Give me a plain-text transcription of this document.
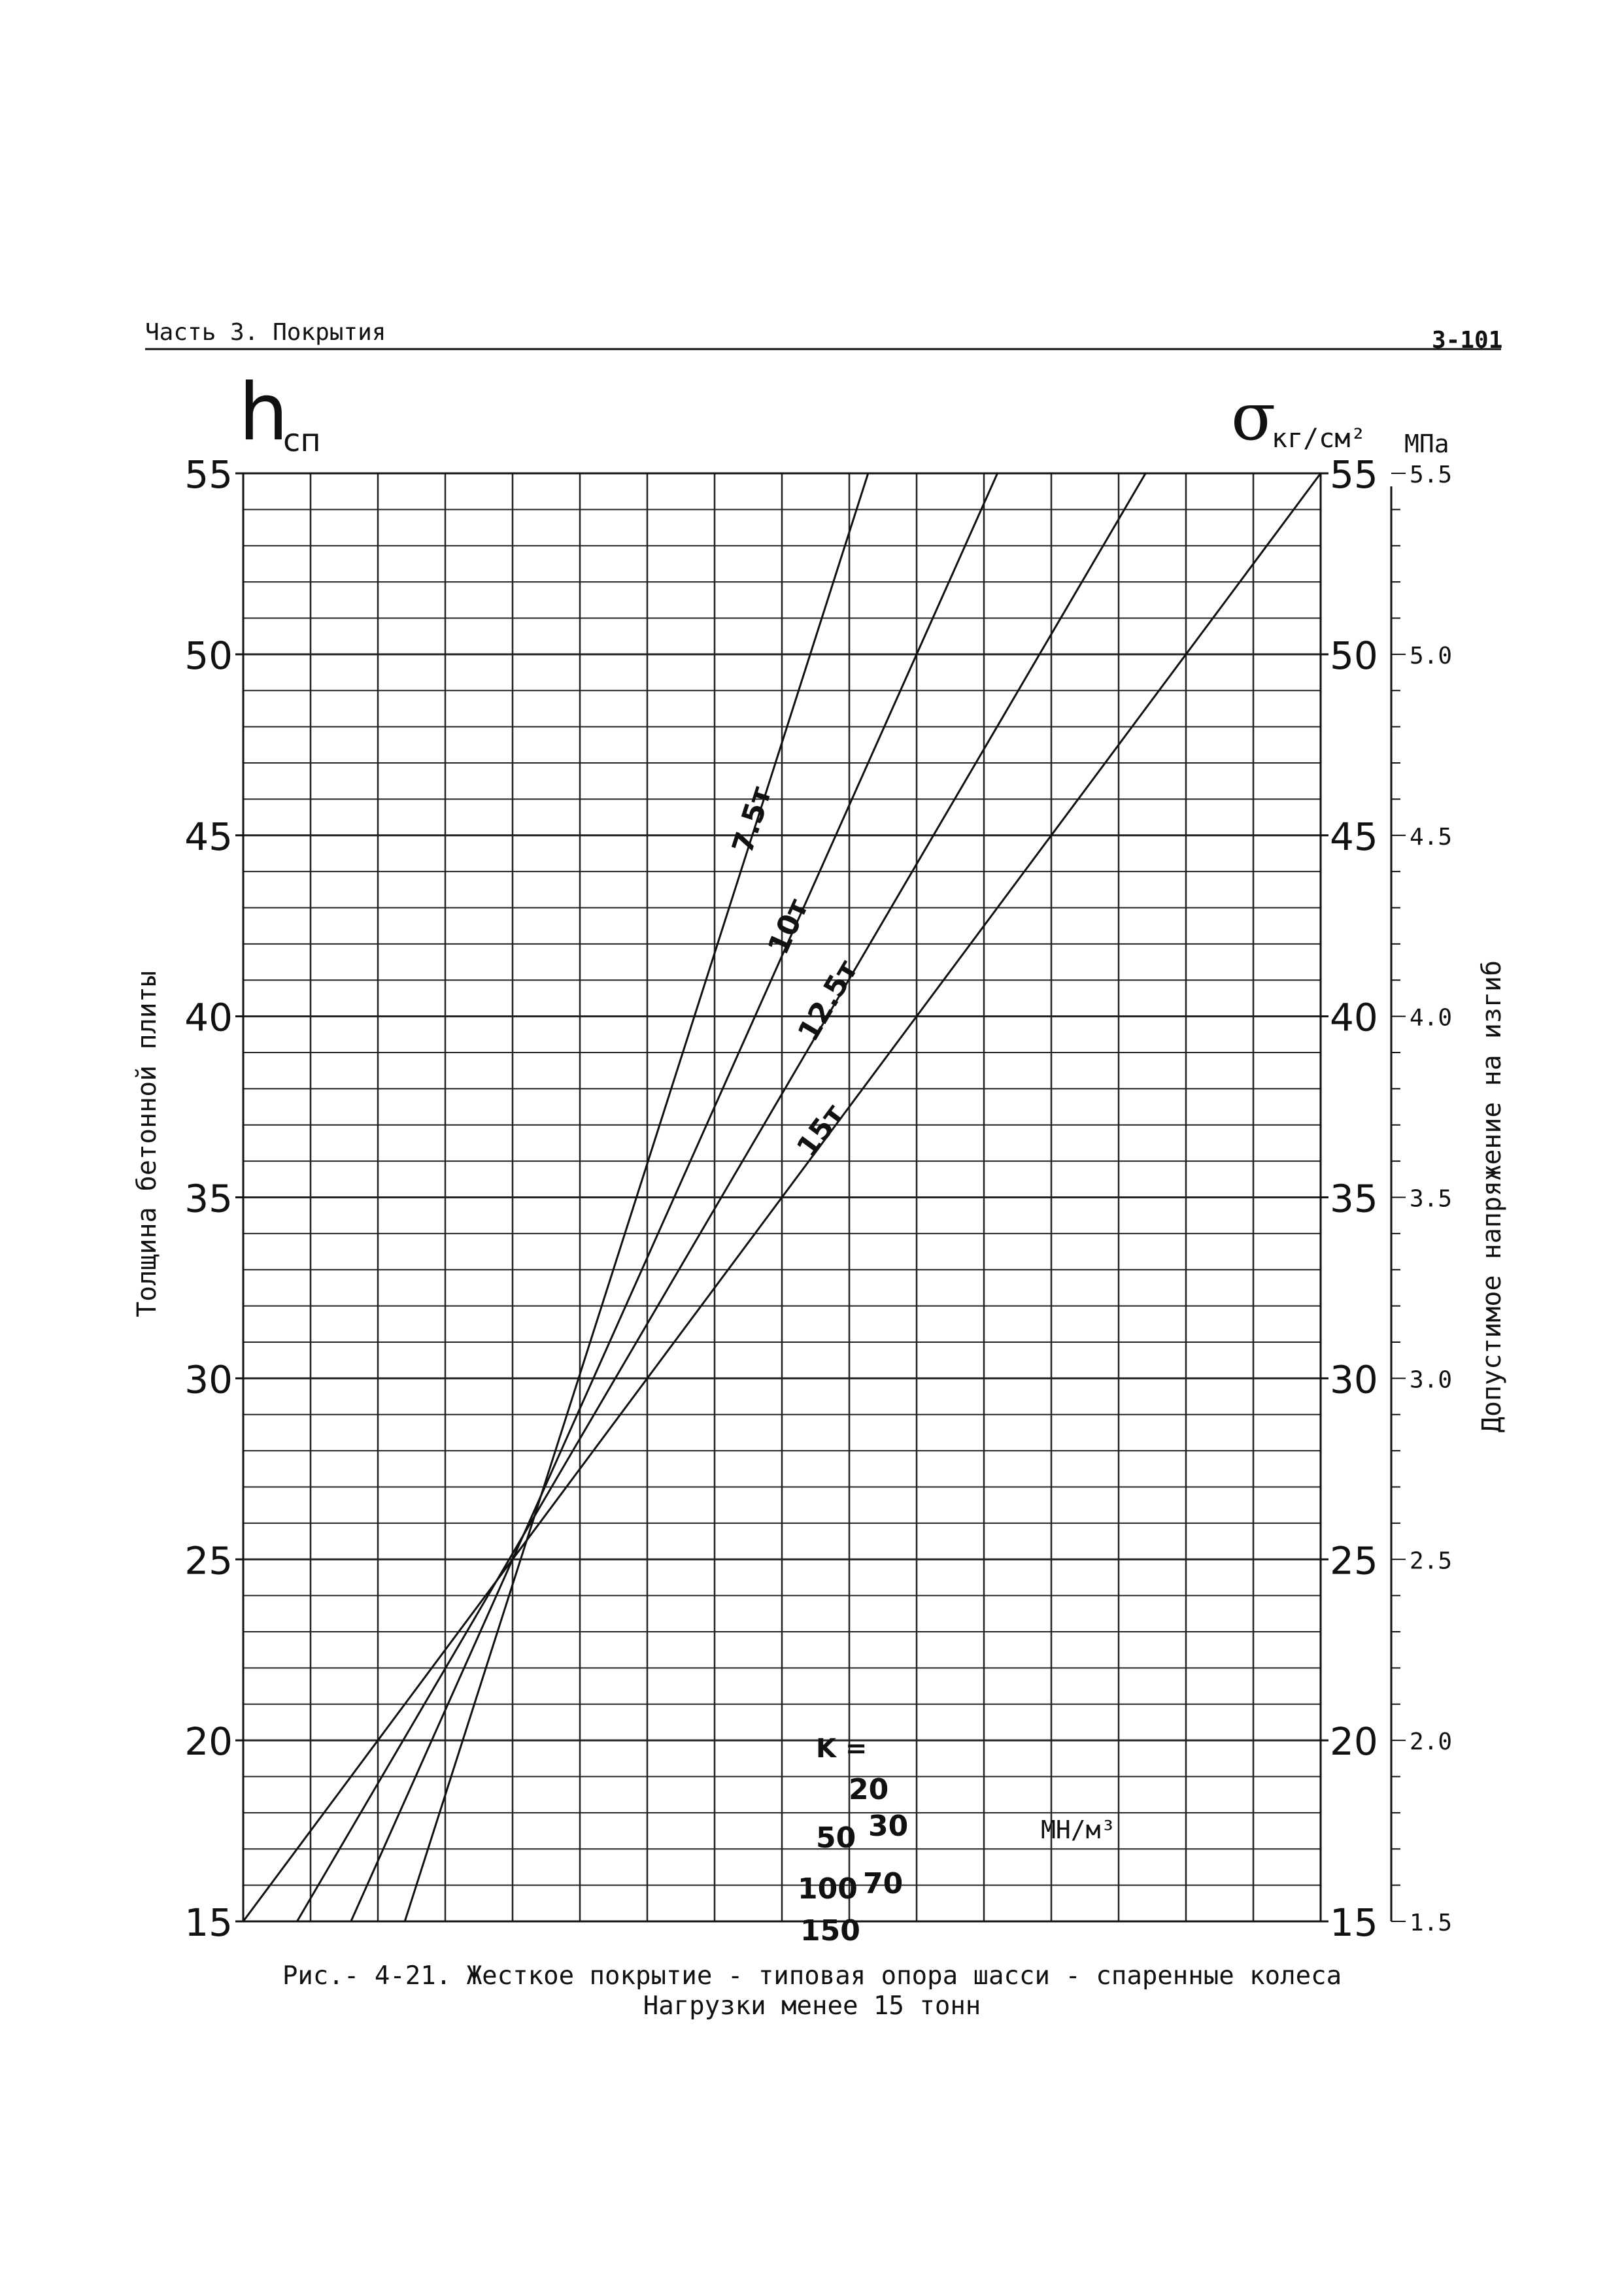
Часть 3. Покрытия	3-101
15т
12.5т
10т
7.5т
15
20
25
30
35
40
45
50
55
15
20
25
30
35
40
45
50
55
1.5
2.0
2.5
3.0
3.5
4.0
4.5
5.0
5.5
h
сп	σ
кг/см² МПа
Толщина бетонной плиты	Допустимое напряжение на изгиб
K =
20
30
50
70
100
150
МН/м³
Рис.- 4-21. Жесткое покрытие - типовая опора шасси - спаренные колеса
Нагрузки менее 15 тонн
